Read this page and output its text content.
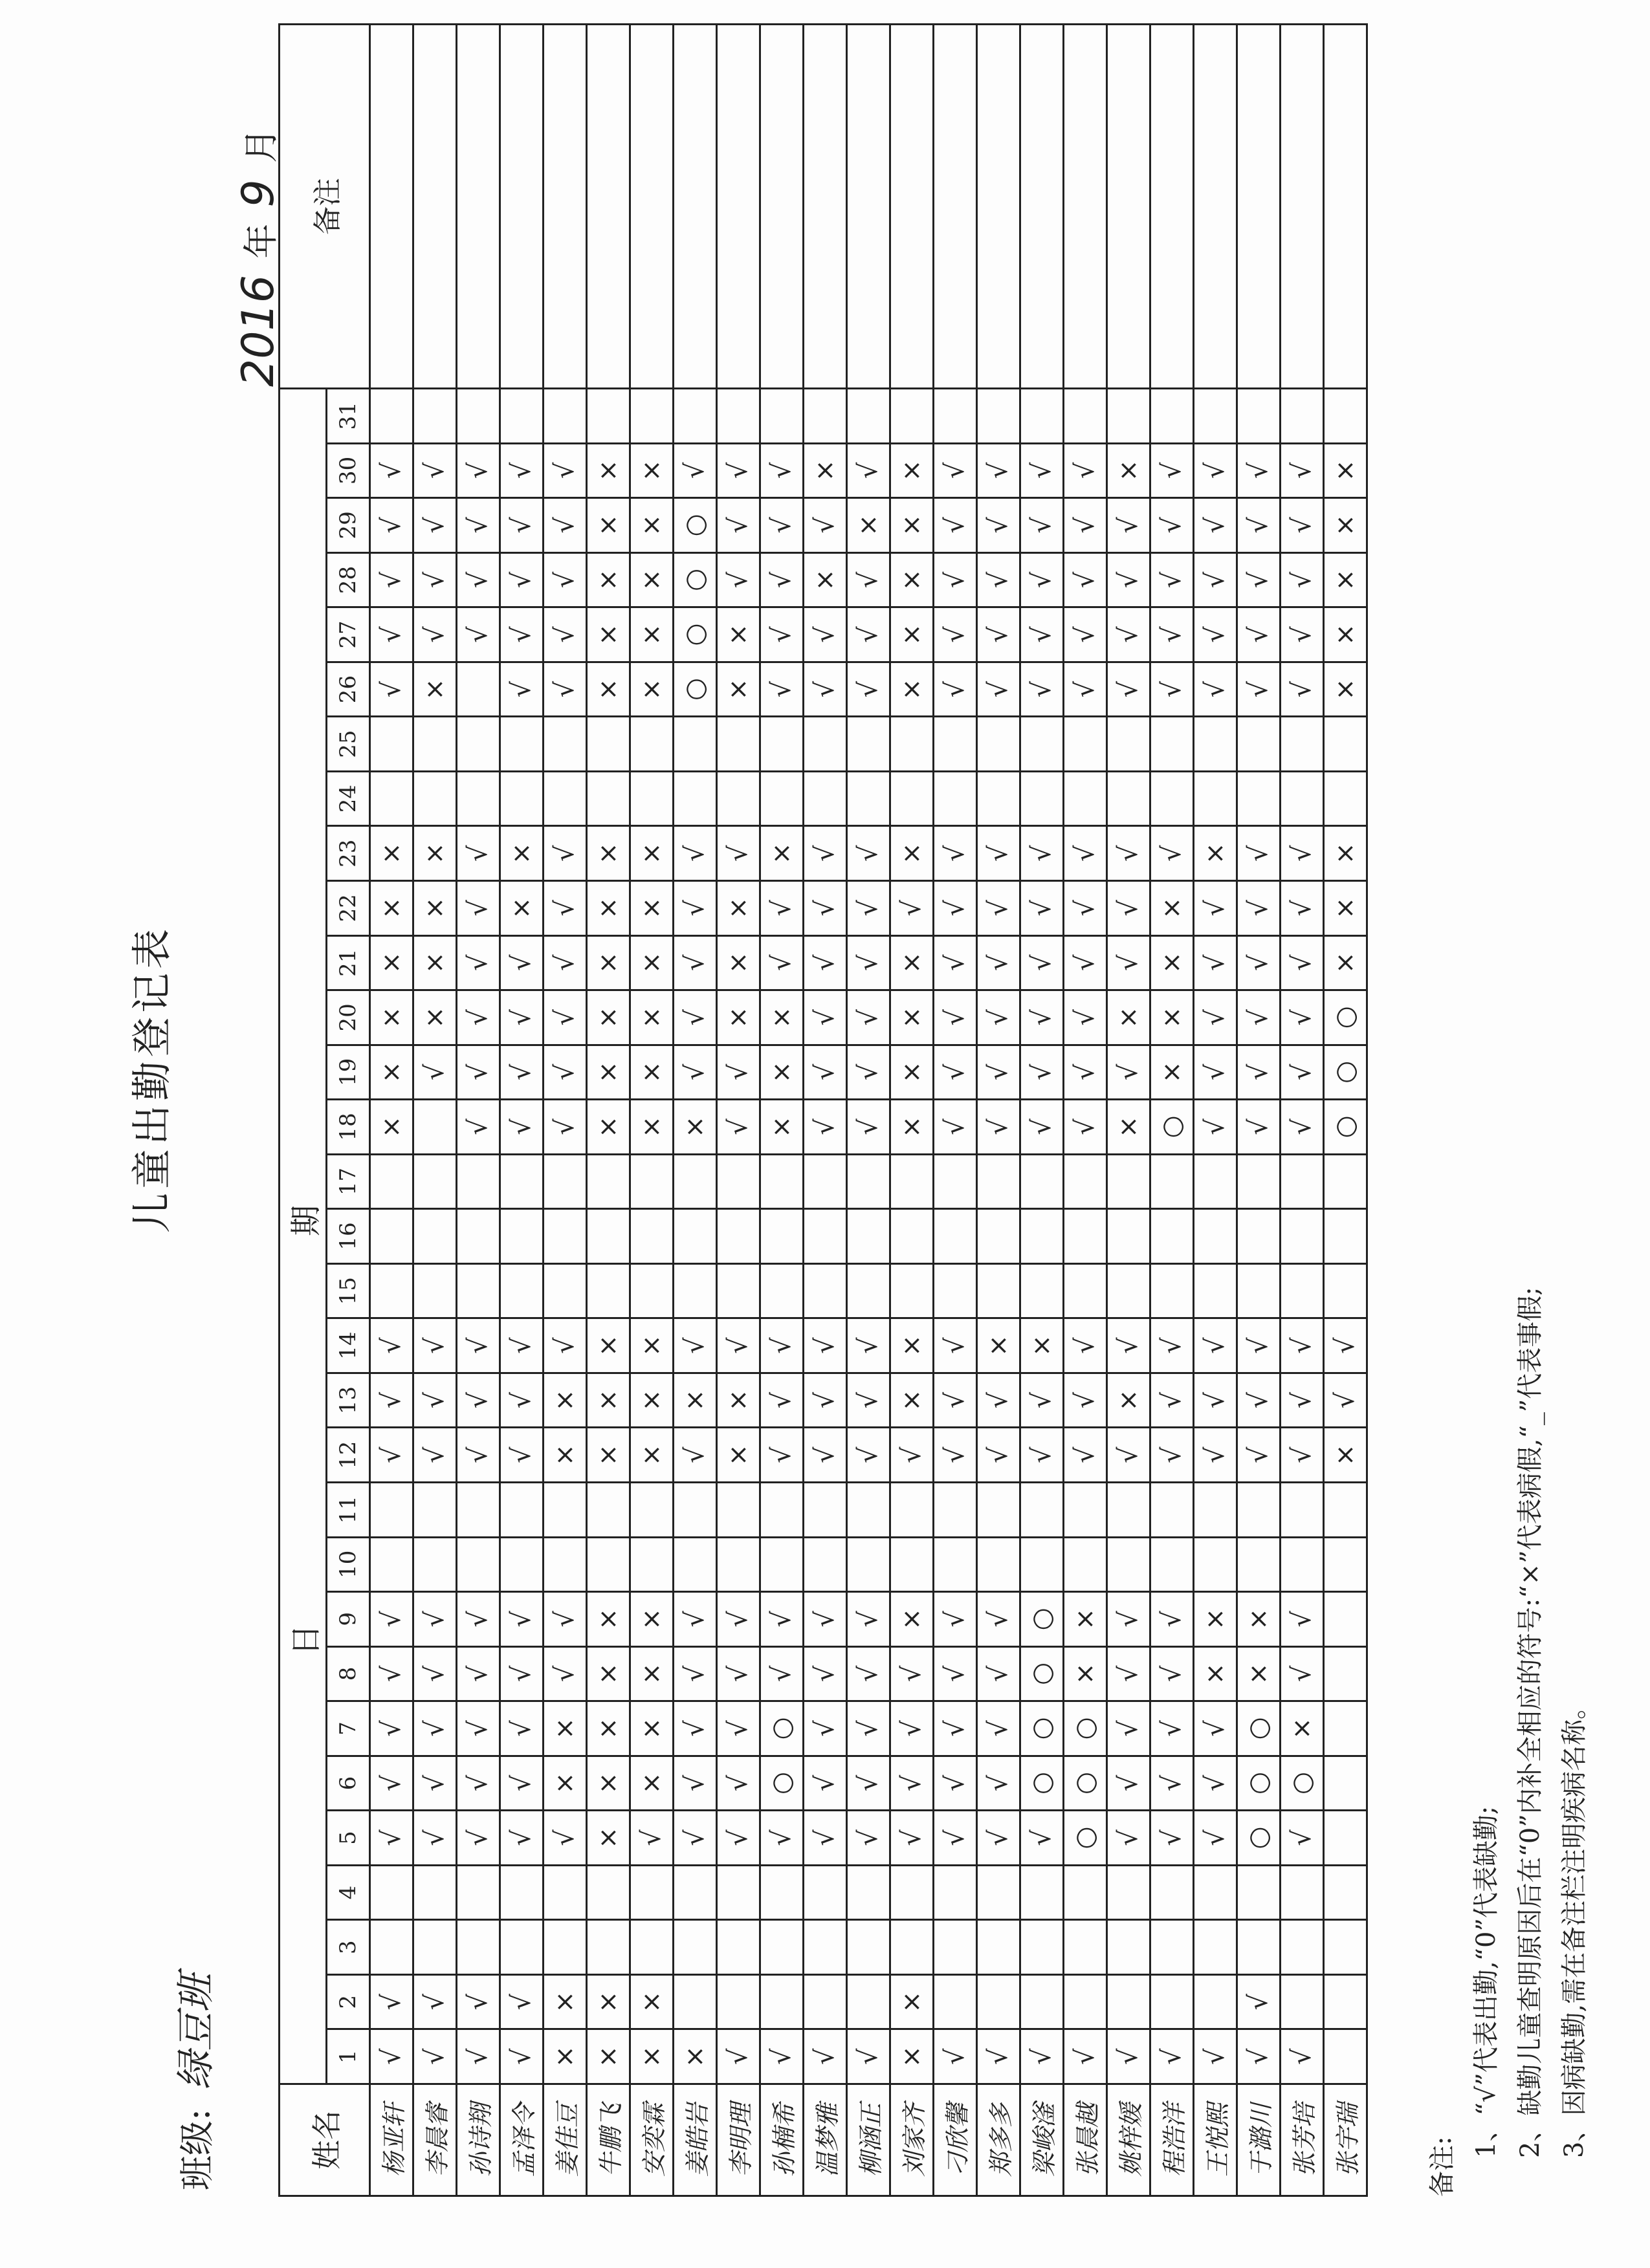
儿童出勤登记表
班级: 绿豆班
2016 年 9 月
姓名	日期																															备注
	1	2	3	4	5	6	7	8	9	10	11	12	13	14	15	16	17	18	19	20	21	22	23	24	25	26	27	28	29	30	31	
杨亚轩	√	√			√	√	√	√	√			√	√	√				×	×	×	×	×	×			√	√	√	√	√		
李晨睿	√	√			√	√	√	√	√			√	√	√					√	×	×	×	×			×	√	√	√	√		
孙诗翔	√	√			√	√	√	√	√			√	√	√				√	√	√	√	√	√				√	√	√	√		
孟泽令	√	√			√	√	√	√	√			√	√	√				√	√	√	√	×	×			√	√	√	√	√		
姜佳豆	×	×			√	×	×	√	√			×	×	√				√	√	√	√	√	√			√	√	√	√	√		
牛鹏飞	×	×			×	×	×	×	×			×	×	×				×	×	×	×	×	×			×	×	×	×	×		
安奕霖	×	×			√	×	×	×	×			×	×	×				×	×	×	×	×	×			×	×	×	×	×		
姜皓岩	×				√	√	√	√	√			√	×	√				×	√	√	√	√	√			○	○	○	○	√		
李明理	√				√	√	√	√	√			×	×	√				√	√	×	×	×	√			×	×	√	√	√		
孙楠希	√				√	○	○	√	√			√	√	√				×	×	×	√	√	×			√	√	√	√	√		
温梦雅	√				√	√	√	√	√			√	√	√				√	√	√	√	√	√			√	√	×	√	×		
柳涵正	√				√	√	√	√	√			√	√	√				√	√	√	√	√	√			√	√	√	×	√		
刘家齐	×	×			√	√	√	√	×			√	×	×				×	×	×	×	√	×			×	×	×	×	×		
刁欣馨	√				√	√	√	√	√			√	√	√				√	√	√	√	√	√			√	√	√	√	√		
郑多多	√				√	√	√	√	√			√	√	×				√	√	√	√	√	√			√	√	√	√	√		
梁峻滏	√				√	○	○	○	○			√	√	×				√	√	√	√	√	√			√	√	√	√	√		
张晨越	√				○	○	○	×	×			√	√	√				√	√	√	√	√	√			√	√	√	√	√		
姚梓媛	√				√	√	√	√	√			√	×	√				×	√	×	√	√	√			√	√	√	√	×		
程浩洋	√				√	√	√	√	√			√	√	√				○	×	×	×	×	√			√	√	√	√	√		
王悦熙	√				√	√	√	×	×			√	√	√				√	√	√	√	√	×			√	√	√	√	√		
于潞川	√	√			○	○	○	×	×			√	√	√				√	√	√	√	√	√			√	√	√	√	√		
张芳培	√				√	○	×	√	√			√	√	√				√	√	√	√	√	√			√	√	√	√	√		
张宇瑞												×	√	√				○	○	○	×	×	×			×	×	×	×	×		
备注:
1、“√”代表出勤,“0”代表缺勤; 2、缺勤儿童查明原因后在“0”内补全相应的符号:“×”代表病假,“_”代表事假; 3、因病缺勤,需在备注栏注明疾病名称。
